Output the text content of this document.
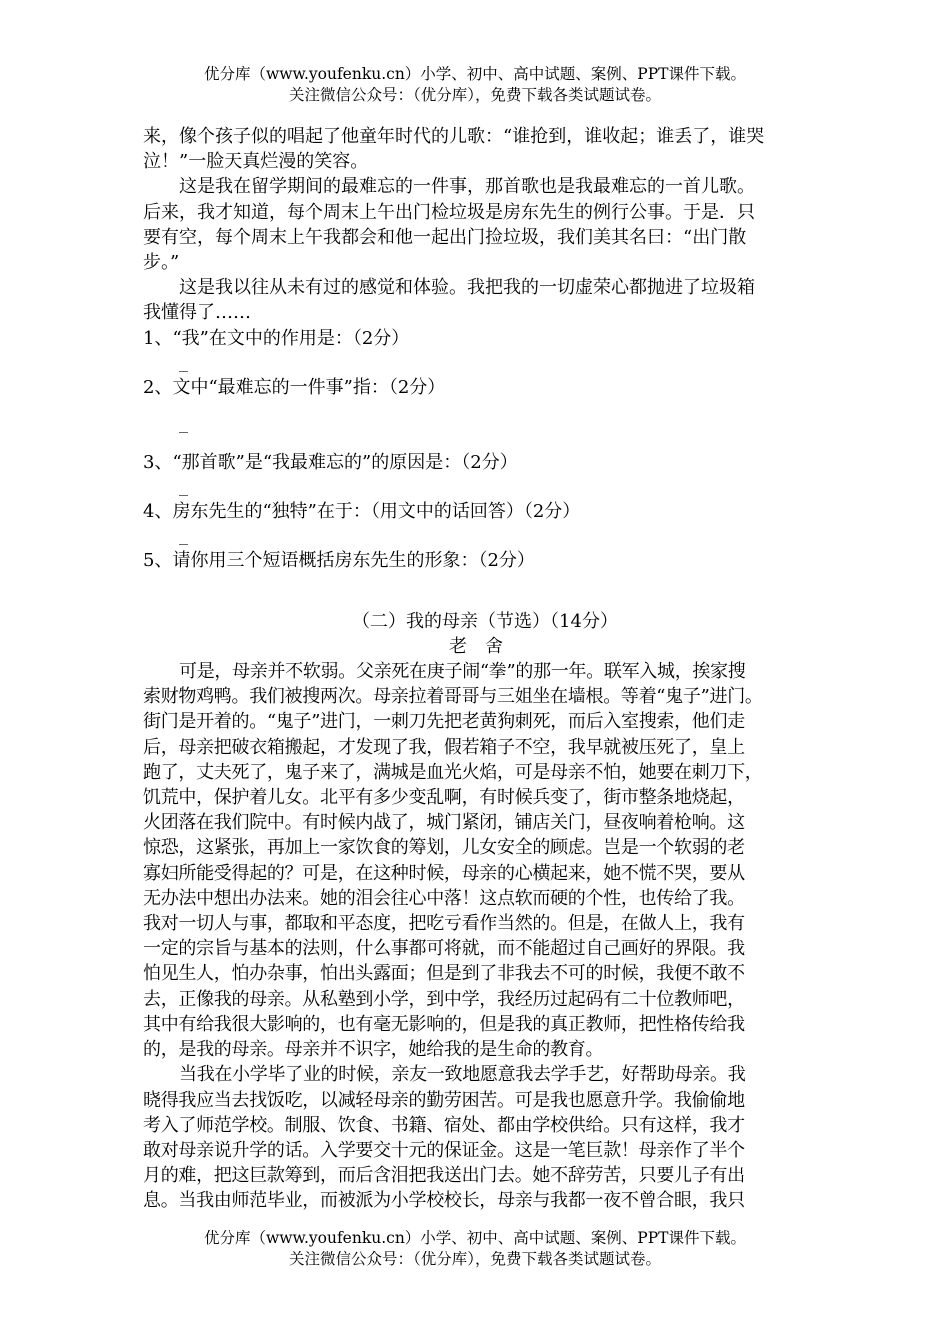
优分库（www.youfenku.cn）小学、初中、高中试题、案例、PPT课件下载。
关注微信公众号：（优分库），免费下载各类试题试卷。

来，像个孩子似的唱起了他童年时代的儿歌：“谁抢到，谁收起；谁丢了，谁哭

泣！”一脸天真烂漫的笑容。

这是我在留学期间的最难忘的一件事，那首歌也是我最难忘的一首儿歌。

后来，我才知道，每个周末上午出门检垃圾是房东先生的例行公事。于是．只

要有空，每个周末上午我都会和他一起出门捡垃圾，我们美其名曰：“出门散

步。”

这是我以往从未有过的感觉和体验。我把我的一切虚荣心都抛进了垃圾箱

我懂得了……

1、“我”在文中的作用是：（2分）

_

2、文中“最难忘的一件事”指：（2分）

_

3、“那首歌”是“我最难忘的”的原因是：（2分）

_

4、房东先生的“独特”在于：（用文中的话回答）（2分）

_

5、请你用三个短语概括房东先生的形象：（2分）

（二）我的母亲（节选）（14分）

老舍

可是，母亲并不软弱。父亲死在庚子闹“拳”的那一年。联军入城，挨家搜

索财物鸡鸭。我们被搜两次。母亲拉着哥哥与三姐坐在墙根。等着“鬼子”进门。

街门是开着的。“鬼子”进门，一刺刀先把老黄狗刺死，而后入室搜索，他们走

后，母亲把破衣箱搬起，才发现了我，假若箱子不空，我早就被压死了，皇上

跑了，丈夫死了，鬼子来了，满城是血光火焰，可是母亲不怕，她要在刺刀下，

饥荒中，保护着儿女。北平有多少变乱啊，有时候兵变了，街市整条地烧起，

火团落在我们院中。有时候内战了，城门紧闭，铺店关门，昼夜响着枪响。这

惊恐，这紧张，再加上一家饮食的筹划，儿女安全的顾虑。岂是一个软弱的老

寡妇所能受得起的？可是，在这种时候，母亲的心横起来，她不慌不哭，要从

无办法中想出办法来。她的泪会往心中落！这点软而硬的个性，也传给了我。

我对一切人与事，都取和平态度，把吃亏看作当然的。但是，在做人上，我有

一定的宗旨与基本的法则，什么事都可将就，而不能超过自己画好的界限。我

怕见生人，怕办杂事，怕出头露面；但是到了非我去不可的时候，我便不敢不

去，正像我的母亲。从私塾到小学，到中学，我经历过起码有二十位教师吧，

其中有给我很大影响的，也有毫无影响的，但是我的真正教师，把性格传给我

的，是我的母亲。母亲并不识字，她给我的是生命的教育。

当我在小学毕了业的时候，亲友一致地愿意我去学手艺，好帮助母亲。我

晓得我应当去找饭吃，以减轻母亲的勤劳困苦。可是我也愿意升学。我偷偷地

考入了师范学校。制服、饮食、书籍、宿处、都由学校供给。只有这样，我才

敢对母亲说升学的话。入学要交十元的保证金。这是一笔巨款！母亲作了半个

月的难，把这巨款筹到，而后含泪把我送出门去。她不辞劳苦，只要儿子有出

息。当我由师范毕业，而被派为小学校校长，母亲与我都一夜不曾合眼，我只

优分库（www.youfenku.cn）小学、初中、高中试题、案例、PPT课件下载。
关注微信公众号：（优分库），免费下载各类试题试卷。
